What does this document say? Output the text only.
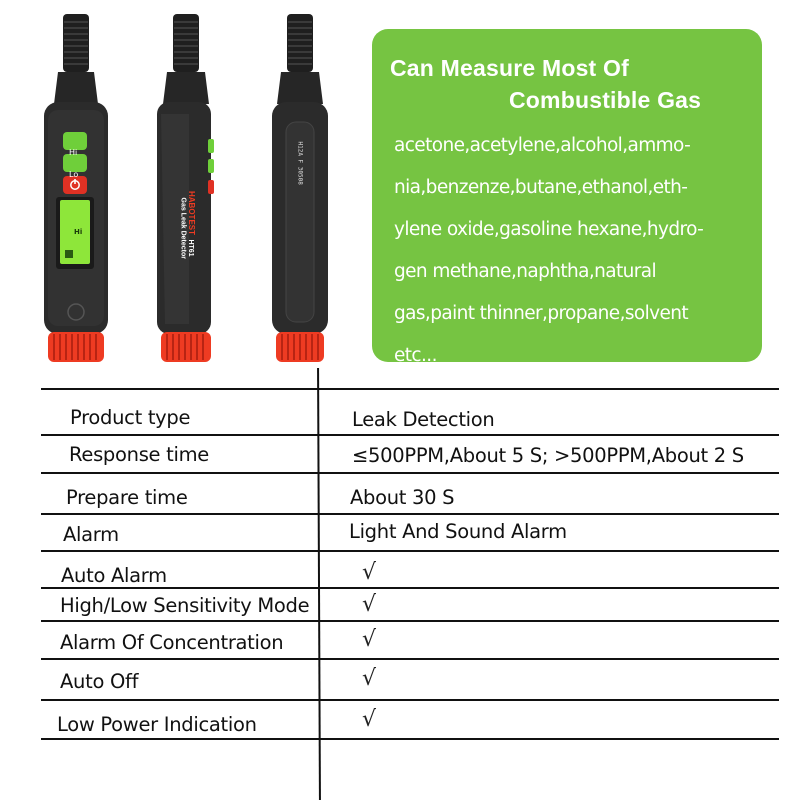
Hi
Lo
Hi	HABOTEST HT61
Gas Leak Detector
H12A F 30508
Can Measure Most Of
Combustible Gas
acetone,acetylene,alcohol,ammo-
nia,benzenze,butane,ethanol,eth-
ylene oxide,gasoline hexane,hydro-
gen methane,naphtha,natural
gas,paint thinner,propane,solvent
etc...
Product type	Leak Detection
Response time	≤500PPM,About 5 S; >500PPM,About 2 S
Prepare time	About 30 S
Alarm	Light And Sound Alarm
Auto Alarm	√
High/Low Sensitivity Mode √
Alarm Of Concentration	√
Auto Off	√
Low Power Indication	√
